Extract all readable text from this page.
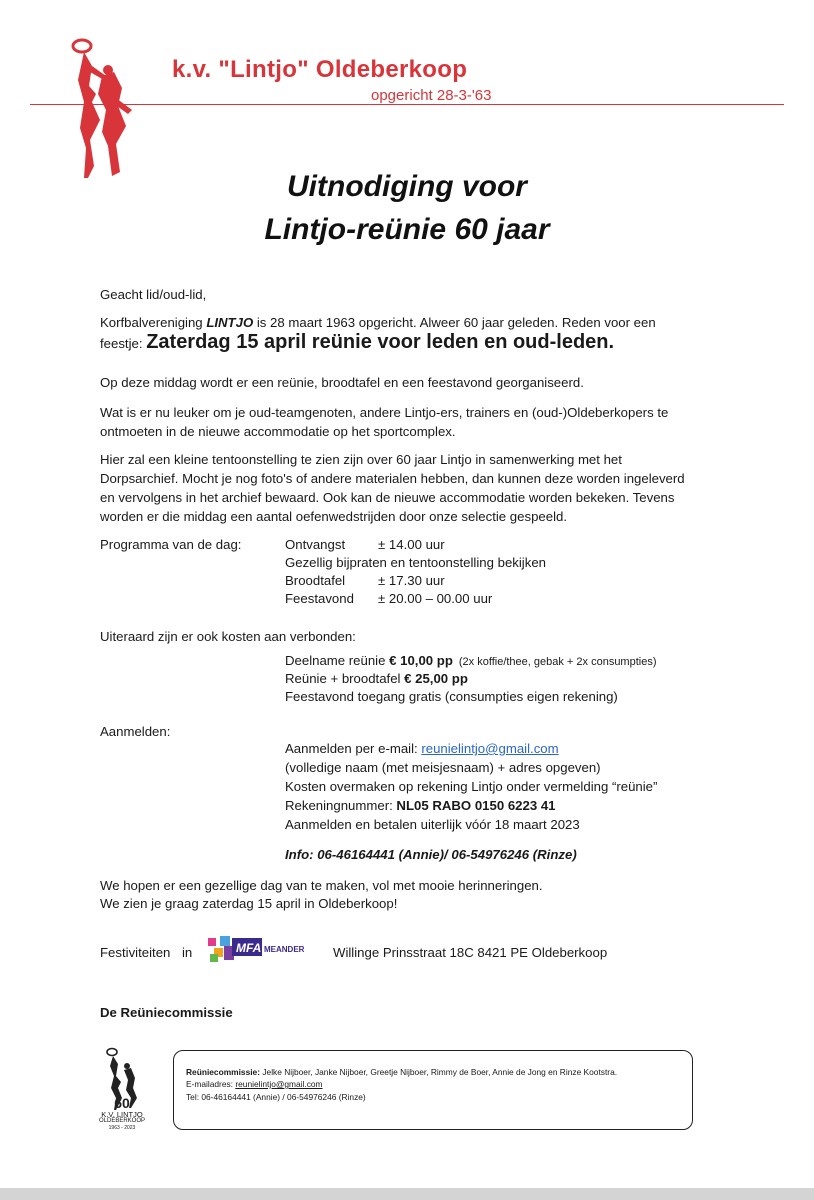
k.v. "Lintjo" Oldeberkoop
opgericht 28-3-'63
Uitnodiging voor
Lintjo-reünie 60 jaar
Geacht lid/oud-lid,
Korfbalvereniging LINTJO is 28 maart 1963 opgericht. Alweer 60 jaar geleden. Reden voor een
feestje: Zaterdag 15 april reünie voor leden en oud-leden.
Op deze middag wordt er een reünie, broodtafel en een feestavond georganiseerd.
Wat is er nu leuker om je oud-teamgenoten, andere Lintjo-ers, trainers en (oud-)Oldeberkopers te
ontmoeten in de nieuwe accommodatie op het sportcomplex.
Hier zal een kleine tentoonstelling te zien zijn over 60 jaar Lintjo in samenwerking met het
Dorpsarchief. Mocht je nog foto's of andere materialen hebben, dan kunnen deze worden ingeleverd
en vervolgens in het archief bewaard. Ook kan de nieuwe accommodatie worden bekeken. Tevens
worden er die middag een aantal oefenwedstrijden door onze selectie gespeeld.
Programma van de dag:	Ontvangst ± 14.00 uur
Gezellig bijpraten en tentoonstelling bekijken
Broodtafel ± 17.30 uur
Feestavond ± 20.00 – 00.00 uur
Uiteraard zijn er ook kosten aan verbonden:
Deelname reünie € 10,00 pp (2x koffie/thee, gebak + 2x consumpties)
Reünie + broodtafel € 25,00 pp
Feestavond toegang gratis (consumpties eigen rekening)
Aanmelden:
Aanmelden per e-mail: reunielintjo@gmail.com
(volledige naam (met meisjesnaam) + adres opgeven)
Kosten overmaken op rekening Lintjo onder vermelding “reünie”
Rekeningnummer: NL05 RABO 0150 6223 41
Aanmelden en betalen uiterlijk vóór 18 maart 2023
Info: 06-46164441 (Annie)/ 06-54976246 (Rinze)
We hopen er een gezellige dag van te maken, vol met mooie herinneringen.
We zien je graag zaterdag 15 april in Oldeberkoop!
Festiviteiten in	MFA MEANDER Willinge Prinsstraat 18C 8421 PE Oldeberkoop
De Reüniecommissie
60
K.V. LINTJO
OLDEBERKOOP
1963 - 2023
Reüniecommissie: Jelke Nijboer, Janke Nijboer, Greetje Nijboer, Rimmy de Boer, Annie de Jong en Rinze Kootstra.
E-mailadres: reunielintjo@gmail.com
Tel: 06-46164441 (Annie) / 06-54976246 (Rinze)
